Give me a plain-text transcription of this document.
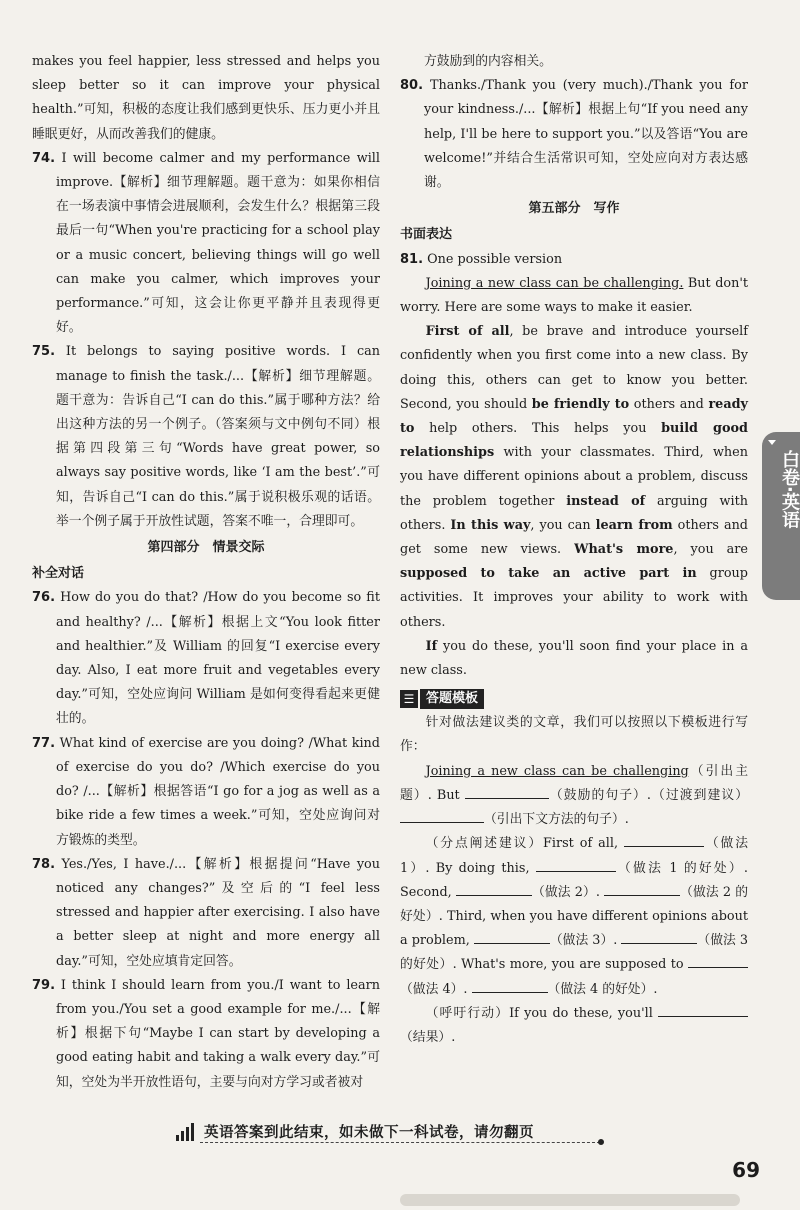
makes you feel happier, less stressed and helps you sleep better so it can improve your physical health.”可知，积极的态度让我们感到更快乐、压力更小并且睡眠更好，从而改善我们的健康。

74. I will become calmer and my performance will improve.【解析】细节理解题。题干意为：如果你相信在一场表演中事情会进展顺利，会发生什么？根据第三段最后一句“When you're practicing for a school play or a music concert, believing things will go well can make you calmer, which improves your performance.”可知，这会让你更平静并且表现得更好。

75. It belongs to saying positive words. I can manage to finish the task./...【解析】细节理解题。题干意为：告诉自己“I can do this.”属于哪种方法？给出这种方法的另一个例子。（答案须与文中例句不同）根据第四段第三句“Words have great power, so always say positive words, like ‘I am the best’.”可知，告诉自己“I can do this.”属于说积极乐观的话语。举一个例子属于开放性试题，答案不唯一，合理即可。

第四部分　情景交际

补全对话

76. How do you do that? /How do you become so fit and healthy? /...【解析】根据上文“You look fitter and healthier.”及 William 的回复“I exercise every day. Also, I eat more fruit and vegetables every day.”可知，空处应询问 William 是如何变得看起来更健壮的。

77. What kind of exercise are you doing? /What kind of exercise do you do? /Which exercise do you do? /...【解析】根据答语“I go for a jog as well as a bike ride a few times a week.”可知，空处应询问对方锻炼的类型。

78. Yes./Yes, I have./...【解析】根据提问“Have you noticed any changes?”及空后的“I feel less stressed and happier after exercising. I also have a better sleep at night and more energy all day.”可知，空处应填肯定回答。

79. I think I should learn from you./I want to learn from you./You set a good example for me./...【解析】根据下句“Maybe I can start by developing a good eating habit and taking a walk every day.”可知，空处为半开放性语句，主要与向对方学习或者被对

方鼓励到的内容相关。

80. Thanks./Thank you (very much)./Thank you for your kindness./...【解析】根据上句“If you need any help, I'll be here to support you.”以及答语“You are welcome!”并结合生活常识可知，空处应向对方表达感谢。

第五部分　写作

书面表达

81. One possible version

Joining a new class can be challenging. But don't worry. Here are some ways to make it easier.

First of all, be brave and introduce yourself confidently when you first come into a new class. By doing this, others can get to know you better. Second, you should be friendly to others and ready to help others. This helps you build good relationships with your classmates. Third, when you have different opinions about a problem, discuss the problem together instead of arguing with others. In this way, you can learn from others and get some new views. What's more, you are supposed to take an active part in group activities. It improves your ability to work with others.

If you do these, you'll soon find your place in a new class.

☰ 答题模板

针对做法建议类的文章，我们可以按照以下模板进行写作：

Joining a new class can be challenging（引出主题）. But	（鼓励的句子）.（过渡到建议）（引出下文方法的句子）.

（分点阐述建议）First of all,	（做法 1）. By doing this,	（做法 1 的好处）. Second,	（做法 2）.	（做法 2 的好处）. Third, when you have different opinions about a problem,	（做法 3）.	（做法 3 的好处）. What's more, you are supposed to （做法 4）.	（做法 4 的好处）.

（呼吁行动）If you do these, you'll （结果）.

白卷·英语
英语答案到此结束，如未做下一科试卷，请勿翻页
69
